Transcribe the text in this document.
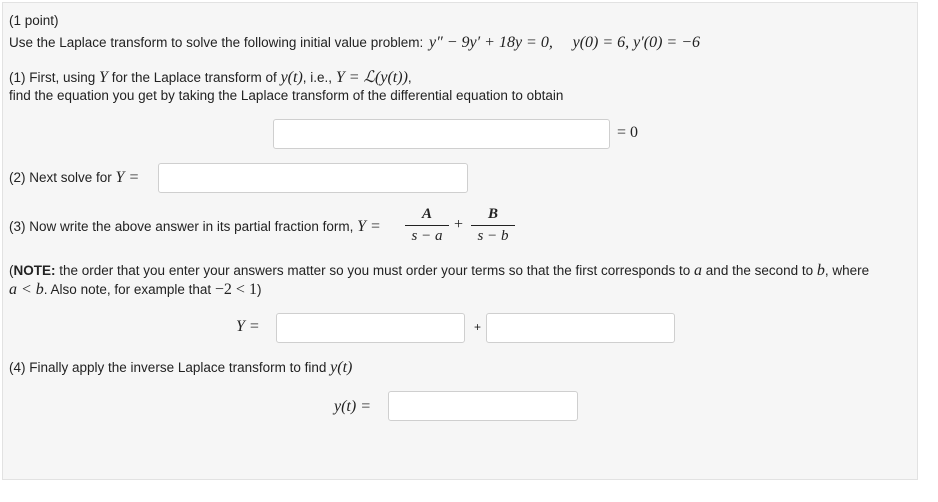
(1 point)
Use the Laplace transform to solve the following initial value problem: y″ − 9y′ + 18y = 0, y(0) = 6, y′(0) = −6
(1) First, using Y for the Laplace transform of y(t), i.e., Y = ℒ(y(t)),
find the equation you get by taking the Laplace transform of the differential equation to obtain
= 0
(2) Next solve for Y =
(3) Now write the above answer in its partial fraction form, Y =
A
s − a
+
B
s − b
(NOTE: the order that you enter your answers matter so you must order your terms so that the first corresponds to a and the second to b, where
a < b. Also note, for example that −2 < 1)
Y =	+
(4) Finally apply the inverse Laplace transform to find y(t)
y(t) =
